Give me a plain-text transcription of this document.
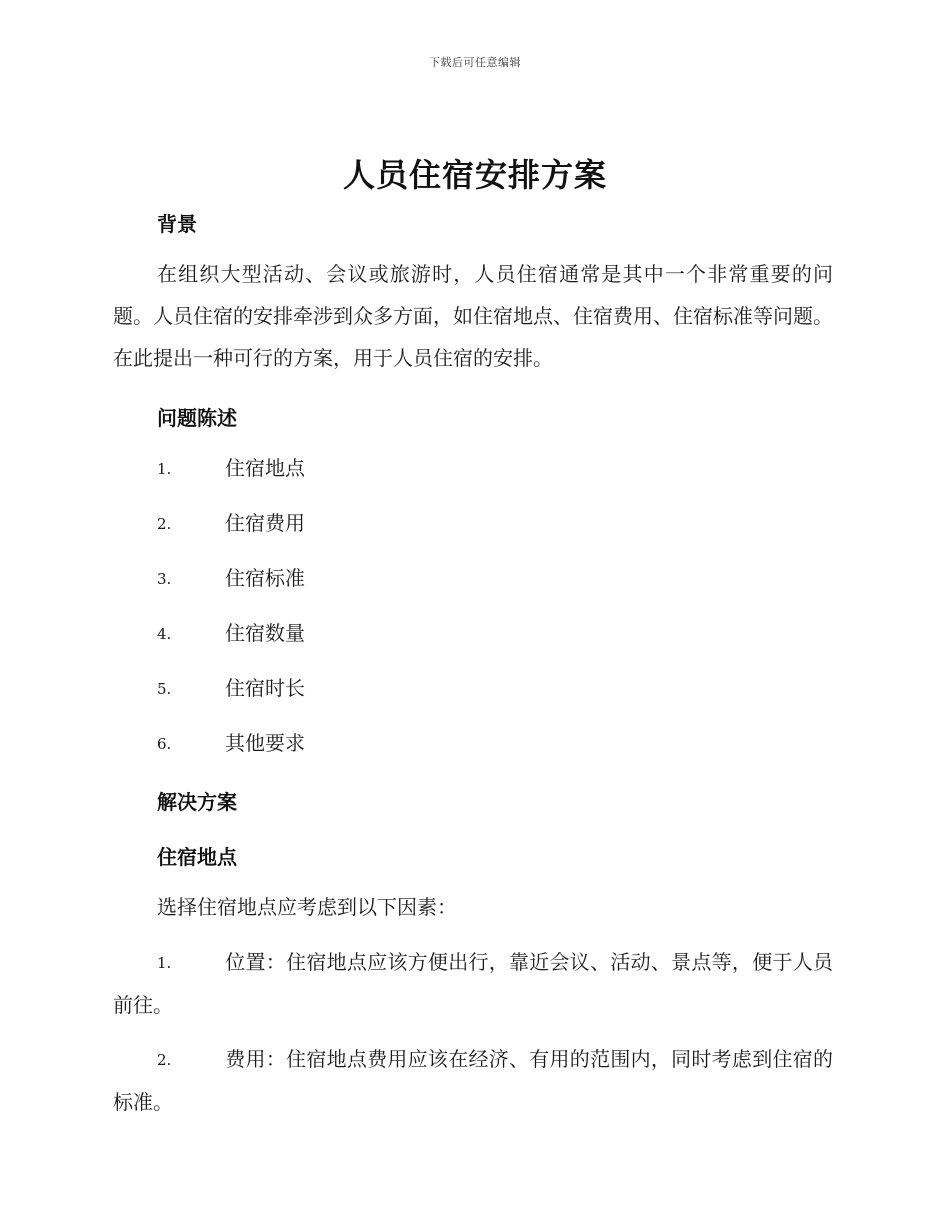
下载后可任意编辑
人员住宿安排方案
背景
在组织大型活动、会议或旅游时，人员住宿通常是其中一个非常重要的问题。人员住宿的安排牵涉到众多方面，如住宿地点、住宿费用、住宿标准等问题。在此提出一种可行的方案，用于人员住宿的安排。
问题陈述
1.	住宿地点
2.	住宿费用
3.	住宿标准
4.	住宿数量
5.	住宿时长
6.	其他要求
解决方案
住宿地点
选择住宿地点应考虑到以下因素：
1.	位置：住宿地点应该方便出行，靠近会议、活动、景点等，便于人员前往。
2.	费用：住宿地点费用应该在经济、有用的范围内，同时考虑到住宿的标准。
